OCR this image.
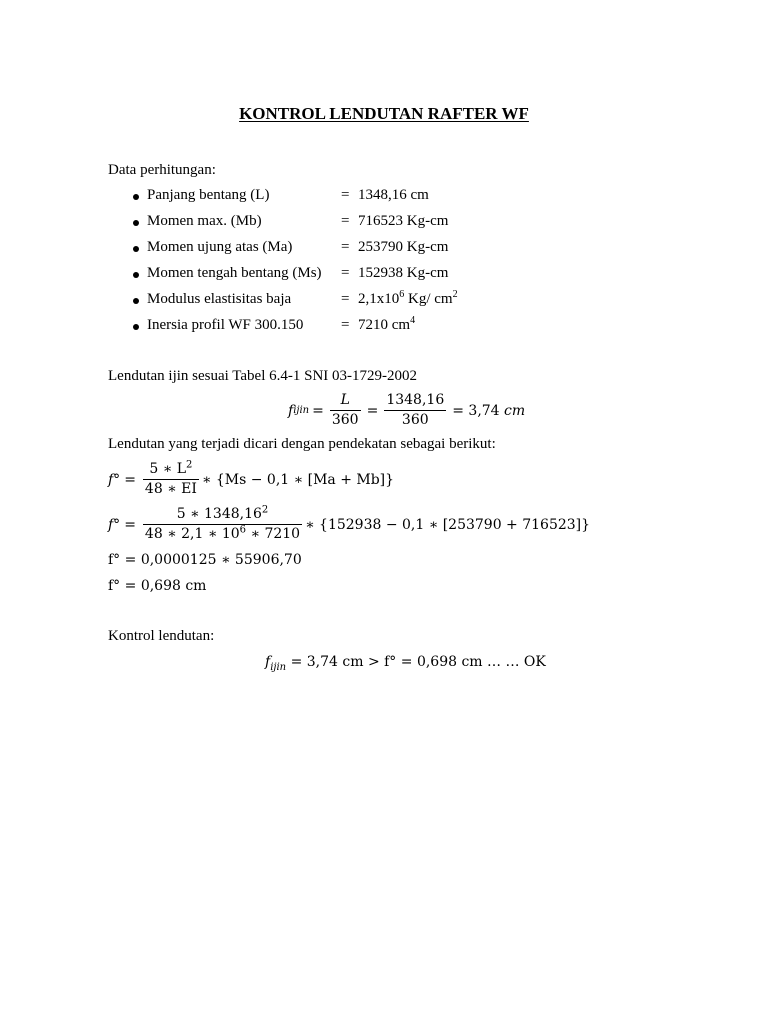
KONTROL LENDUTAN RAFTER WF
Data perhitungan:
Panjang bentang (L)	= 1348,16 cm
Momen max. (Mb)	= 716523 Kg-cm
Momen ujung atas (Ma)	= 253790 Kg-cm
Momen tengah bentang (Ms) = 152938 Kg-cm
Modulus elastisitas baja	= $2,1x10^6$ Kg/ $cm^2$
Inersia profil WF 300.150	= 7210 $cm^4$
Lendutan ijin sesuai Tabel 6.4-1 SNI 03-1729-2002
f ijin = $\frac{L}{360} = \frac{1348,16}{360} = 3,74$
cm
Lendutan yang terjadi dicari dengan pendekatan sebagai berikut:
$f^\circ = \frac{5 ∗ L^2}{48 ∗ EI}$ ∗ {Ms − 0,1 ∗ [Ma + Mb]}
$f^\circ = \frac{5 ∗ 1348,16^2}{48 ∗ 2,1 ∗ 10^6 ∗ 7210}$ ∗ {152938 − 0,1 ∗ [253790 + 716523]}
f° = 0,0000125 ∗ 55906,70
f° = 0,698 cm
Kontrol lendutan:
$f_{ijin} = 3,74$ cm > f° = 0,698 cm … … OK
